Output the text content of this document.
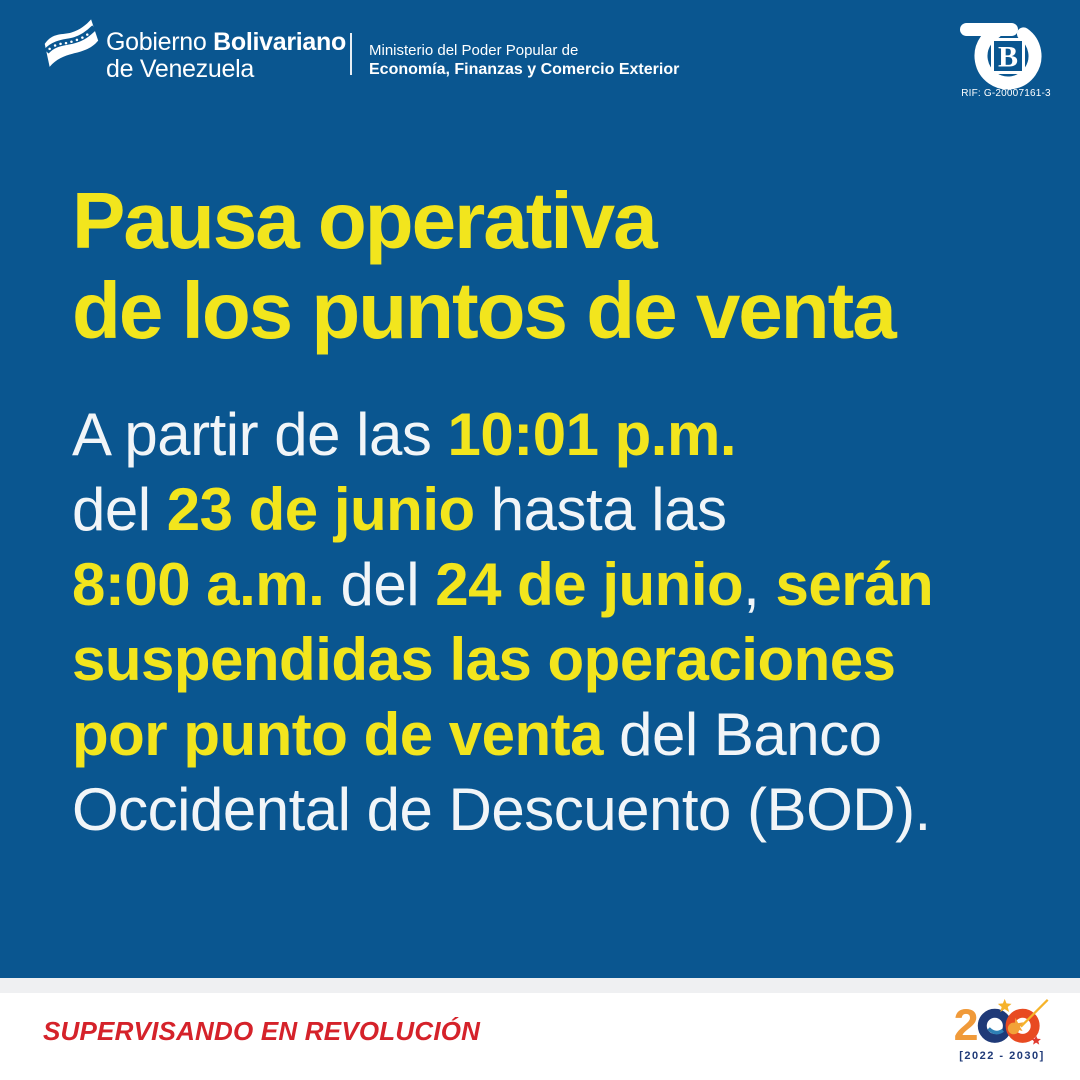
Gobierno Bolivariano
de Venezuela
Ministerio del Poder Popular de
Economía, Finanzas y Comercio Exterior	B
RIF: G-20007161-3
Pausa operativa
de los puntos de venta
A partir de las 10:01 p.m.
del 23 de junio hasta las
8:00 a.m. del 24 de junio, serán
suspendidas las operaciones
por punto de venta del Banco
Occidental de Descuento (BOD).
SUPERVISANDO EN REVOLUCIÓN	2
[2022 - 2030]
